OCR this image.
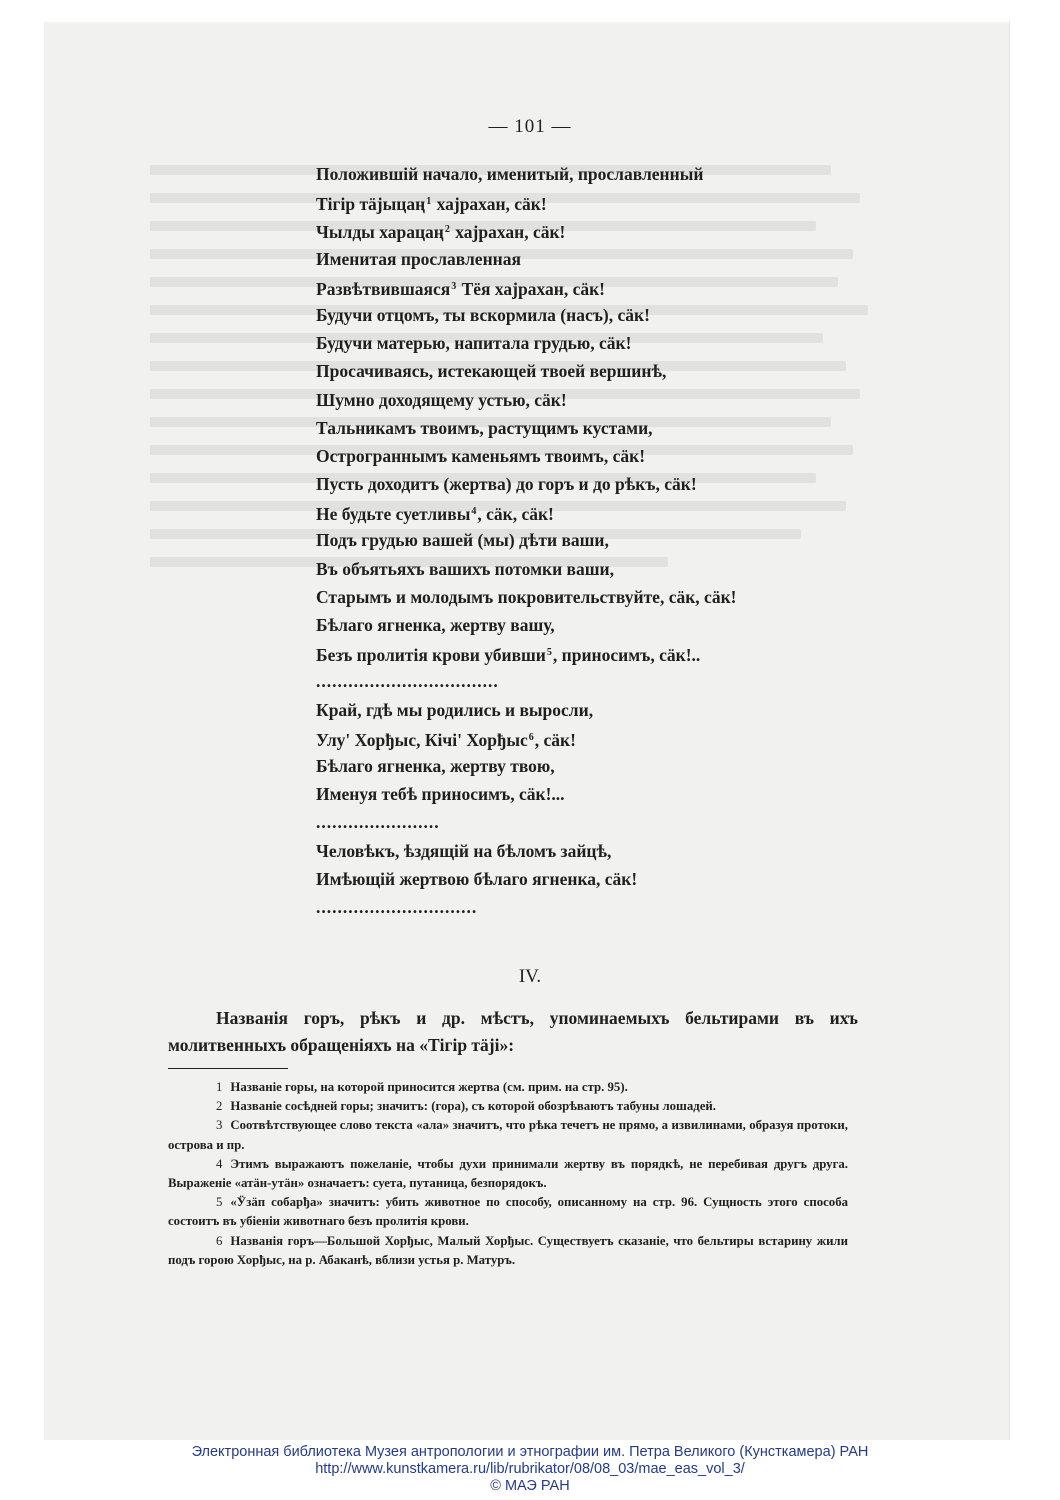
— 101 —
Положившій начало, именитый, прославленный
Тігір тäјыцаң$^1$ хајрахан, сäк!
Чылды харацаң$^2$ хајрахан, сäк!
Именитая прославленная
Развѣтвившаяся$^3$ Тёя хајрахан, сäк!
Будучи отцомъ, ты вскормила (насъ), сäк!
Будучи матерью, напитала грудью, сäк!
Просачиваясь, истекающей твоей вершинѣ,
Шумно доходящему устью, сäк!
Тальникамъ твоимъ, растущимъ кустами,
Острограннымъ каменьямъ твоимъ, сäк!
Пусть доходитъ (жертва) до горъ и до рѣкъ, сäк!
Не будьте суетливы$^4$, сäк, сäк!
Подъ грудью вашей (мы) дѣти ваши,
Въ объятьяхъ вашихъ потомки ваши,
Старымъ и молодымъ покровительствуйте, сäк, сäк!
Бѣлаго ягненка, жертву вашу,
Безъ пролитія крови убивши$^5$, приносимъ, сäк!..
..................................
Край, гдѣ мы родились и выросли,
Улу' Хорђыс, Кічі' Хорђыс$^6$, сäк!
Бѣлаго ягненка, жертву твою,
Именуя тебѣ приносимъ, сäк!...
.......................
Человѣкъ, ѣздящій на бѣломъ зайцѣ,
Имѣющій жертвою бѣлаго ягненка, сäк!
..............................
IV.
Названія горъ, рѣкъ и др. мѣстъ, упоминаемыхъ бельтирами въ ихъ молитвенныхъ обращеніяхъ на «Тігір тäjі»:
1 Названіе горы, на которой приносится жертва (см. прим. на стр. 95).
2 Названіе сосѣдней горы; значитъ: (гора), съ которой обозрѣваютъ табуны лошадей.
3 Соотвѣтствующее слово текста «ала» значитъ, что рѣка течетъ не прямо, а извилинами, образуя протоки, острова и пр.
4 Этимъ выражаютъ пожеланіе, чтобы духи принимали жертву въ порядкѣ, не перебивая другъ друга. Выраженіе «атäн-утäн» означаетъ: суета, путаница, безпорядокъ.
5 «Ӱзäп собарђа» значитъ: убить животное по способу, описанному на стр. 96. Сущность этого способа состоитъ въ убіеніи животнаго безъ пролитія крови.
6 Названія горъ—Большой Хорђыс, Малый Хорђыс. Существуетъ сказаніе, что бельтиры встарину жили подъ горою Хорђыс, на р. Абаканѣ, вблизи устья р. Матуръ.
Электронная библиотека Музея антропологии и этнографии им. Петра Великого (Кунсткамера) РАН
http://www.kunstkamera.ru/lib/rubrikator/08/08_03/mae_eas_vol_3/
© МАЭ РАН
